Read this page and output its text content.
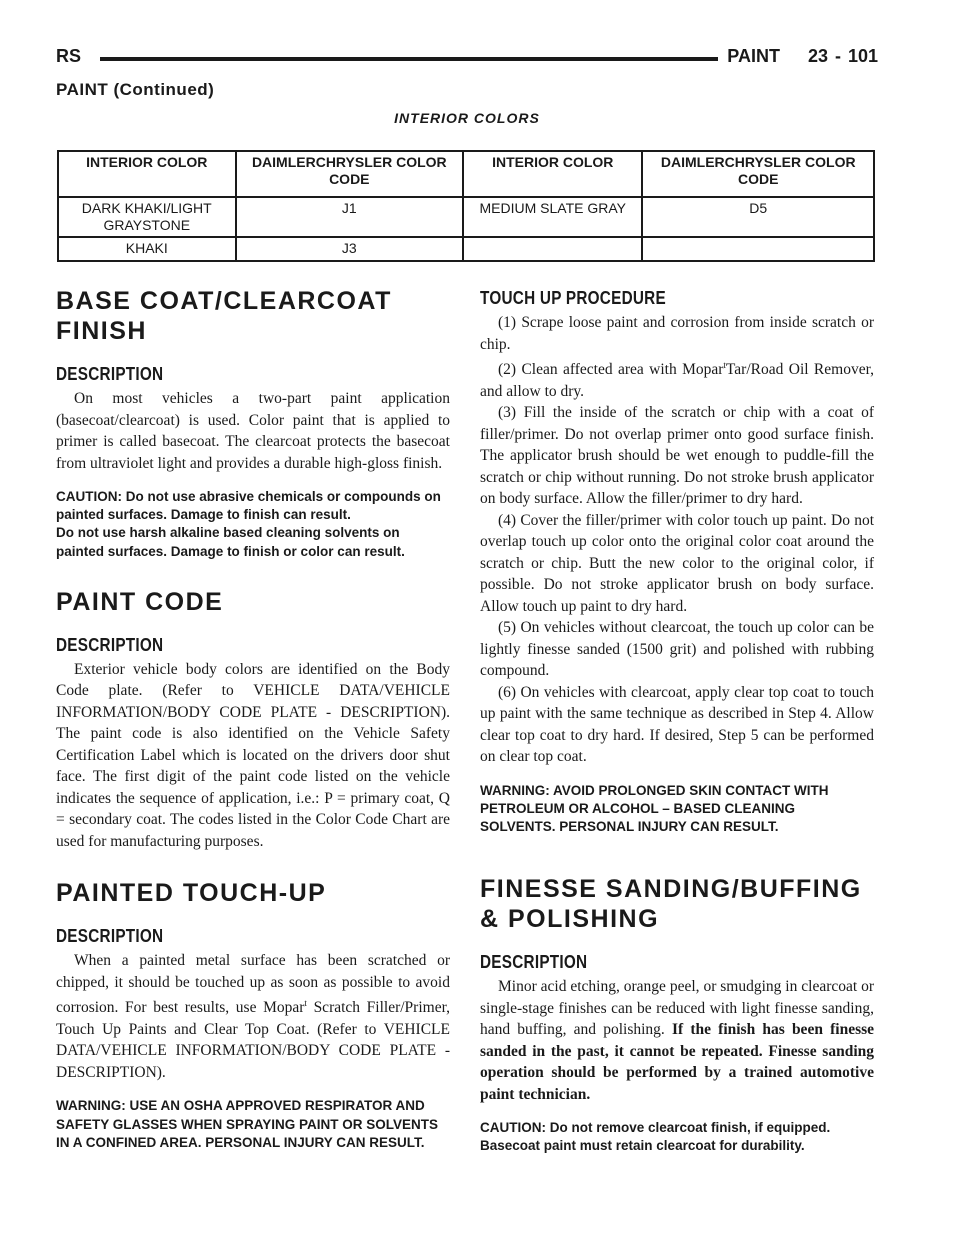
RS	PAINT    23 - 101
PAINT (Continued)
INTERIOR COLORS
INTERIOR COLOR	DAIMLERCHRYSLER COLOR CODE	INTERIOR COLOR	DAIMLERCHRYSLER COLOR CODE
DARK KHAKI/LIGHT GRAYSTONE	J1	MEDIUM SLATE GRAY	D5
KHAKI	J3		
BASE COAT/CLEARCOAT FINISH
DESCRIPTION

On most vehicles a two-part paint application (basecoat/clearcoat) is used. Color paint that is applied to primer is called basecoat. The clearcoat protects the basecoat from ultraviolet light and provides a durable high-gloss finish.

CAUTION: Do not use abrasive chemicals or compounds on painted surfaces. Damage to finish can result.

Do not use harsh alkaline based cleaning solvents on painted surfaces. Damage to finish or color can result.

PAINT CODE
DESCRIPTION

Exterior vehicle body colors are identified on the Body Code plate. (Refer to VEHICLE DATA/VEHICLE INFORMATION/BODY CODE PLATE - DESCRIPTION). The paint code is also identified on the Vehicle Safety Certification Label which is located on the drivers door shut face. The first digit of the paint code listed on the vehicle indicates the sequence of application, i.e.: P = primary coat, Q = secondary coat. The codes listed in the Color Code Chart are used for manufacturing purposes.

PAINTED TOUCH-UP
DESCRIPTION

When a painted metal surface has been scratched or chipped, it should be touched up as soon as possible to avoid corrosion. For best results, use Mopar$^t$ Scratch Filler/Primer, Touch Up Paints and Clear Top Coat. (Refer to VEHICLE DATA/VEHICLE INFORMATION/BODY CODE PLATE - DESCRIPTION).

WARNING: USE AN OSHA APPROVED RESPIRATOR AND SAFETY GLASSES WHEN SPRAYING PAINT OR SOLVENTS IN A CONFINED AREA. PERSONAL INJURY CAN RESULT.

TOUCH UP PROCEDURE

(1) Scrape loose paint and corrosion from inside scratch or chip.

(2) Clean affected area with Mopar$^t$Tar/Road Oil Remover, and allow to dry.

(3) Fill the inside of the scratch or chip with a coat of filler/primer. Do not overlap primer onto good surface finish. The applicator brush should be wet enough to puddle-fill the scratch or chip without running. Do not stroke brush applicator on body surface. Allow the filler/primer to dry hard.

(4) Cover the filler/primer with color touch up paint. Do not overlap touch up color onto the original color coat around the scratch or chip. Butt the new color to the original color, if possible. Do not stroke applicator brush on body surface. Allow touch up paint to dry hard.

(5) On vehicles without clearcoat, the touch up color can be lightly finesse sanded (1500 grit) and polished with rubbing compound.

(6) On vehicles with clearcoat, apply clear top coat to touch up paint with the same technique as described in Step 4. Allow clear top coat to dry hard. If desired, Step 5 can be performed on clear top coat.

WARNING: AVOID PROLONGED SKIN CONTACT WITH PETROLEUM OR ALCOHOL – BASED CLEANING SOLVENTS. PERSONAL INJURY CAN RESULT.

FINESSE SANDING/BUFFING & POLISHING
DESCRIPTION

Minor acid etching, orange peel, or smudging in clearcoat or single-stage finishes can be reduced with light finesse sanding, hand buffing, and polishing. If the finish has been finesse sanded in the past, it cannot be repeated. Finesse sanding operation should be performed by a trained automotive paint technician.

CAUTION: Do not remove clearcoat finish, if equipped. Basecoat paint must retain clearcoat for durability.
